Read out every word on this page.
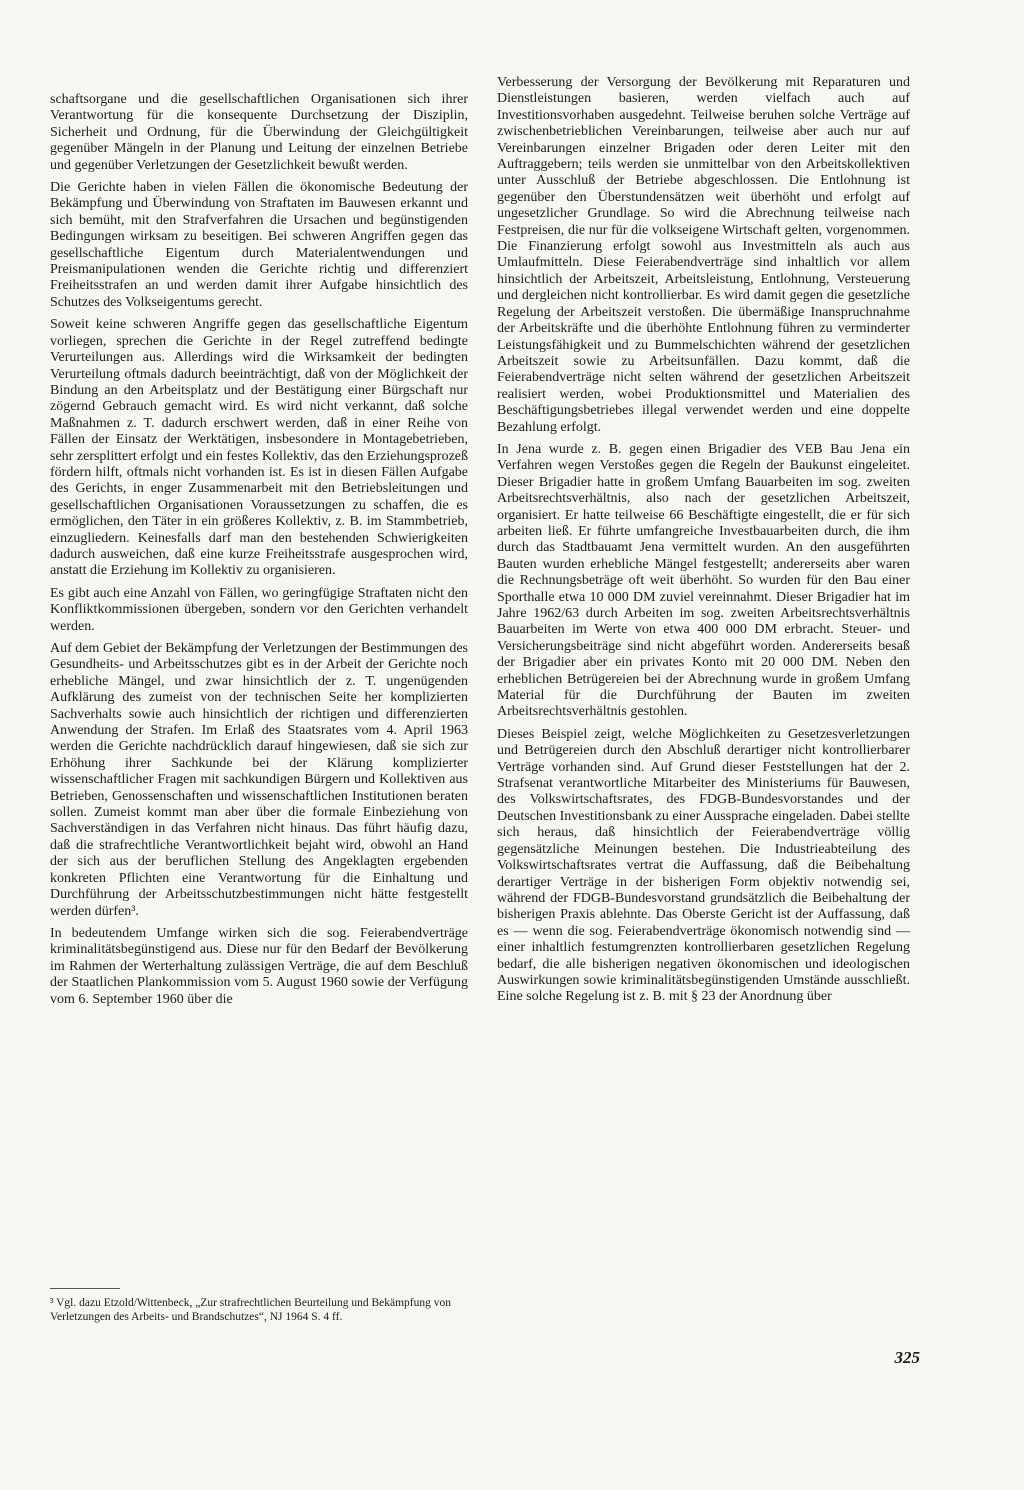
schaftsorgane und die gesellschaftlichen Organisationen sich ihrer Verantwortung für die konsequente Durchsetzung der Disziplin, Sicherheit und Ordnung, für die Überwindung der Gleichgültigkeit gegenüber Mängeln in der Planung und Leitung der einzelnen Betriebe und gegenüber Verletzungen der Gesetzlichkeit bewußt werden.

Die Gerichte haben in vielen Fällen die ökonomische Bedeutung der Bekämpfung und Überwindung von Straftaten im Bauwesen erkannt und sich bemüht, mit den Strafverfahren die Ursachen und begünstigenden Bedingungen wirksam zu beseitigen. Bei schweren Angriffen gegen das gesellschaftliche Eigentum durch Materialentwendungen und Preismanipulationen wenden die Gerichte richtig und differenziert Freiheitsstrafen an und werden damit ihrer Aufgabe hinsichtlich des Schutzes des Volkseigentums gerecht.

Soweit keine schweren Angriffe gegen das gesellschaftliche Eigentum vorliegen, sprechen die Gerichte in der Regel zutreffend bedingte Verurteilungen aus. Allerdings wird die Wirksamkeit der bedingten Verurteilung oftmals dadurch beeinträchtigt, daß von der Möglichkeit der Bindung an den Arbeitsplatz und der Bestätigung einer Bürgschaft nur zögernd Gebrauch gemacht wird. Es wird nicht verkannt, daß solche Maßnahmen z. T. dadurch erschwert werden, daß in einer Reihe von Fällen der Einsatz der Werktätigen, insbesondere in Montagebetrieben, sehr zersplittert erfolgt und ein festes Kollektiv, das den Erziehungsprozeß fördern hilft, oftmals nicht vorhanden ist. Es ist in diesen Fällen Aufgabe des Gerichts, in enger Zusammenarbeit mit den Betriebsleitungen und gesellschaftlichen Organisationen Voraussetzungen zu schaffen, die es ermöglichen, den Täter in ein größeres Kollektiv, z. B. im Stammbetrieb, einzugliedern. Keinesfalls darf man den bestehenden Schwierigkeiten dadurch ausweichen, daß eine kurze Freiheitsstrafe ausgesprochen wird, anstatt die Erziehung im Kollektiv zu organisieren.

Es gibt auch eine Anzahl von Fällen, wo geringfügige Straftaten nicht den Konfliktkommissionen übergeben, sondern vor den Gerichten verhandelt werden.

Auf dem Gebiet der Bekämpfung der Verletzungen der Bestimmungen des Gesundheits- und Arbeitsschutzes gibt es in der Arbeit der Gerichte noch erhebliche Mängel, und zwar hinsichtlich der z. T. ungenügenden Aufklärung des zumeist von der technischen Seite her komplizierten Sachverhalts sowie auch hinsichtlich der richtigen und differenzierten Anwendung der Strafen. Im Erlaß des Staatsrates vom 4. April 1963 werden die Gerichte nachdrücklich darauf hingewiesen, daß sie sich zur Erhöhung ihrer Sachkunde bei der Klärung komplizierter wissenschaftlicher Fragen mit sachkundigen Bürgern und Kollektiven aus Betrieben, Genossenschaften und wissenschaftlichen Institutionen beraten sollen. Zumeist kommt man aber über die formale Einbeziehung von Sachverständigen in das Verfahren nicht hinaus. Das führt häufig dazu, daß die strafrechtliche Verantwortlichkeit bejaht wird, obwohl an Hand der sich aus der beruflichen Stellung des Angeklagten ergebenden konkreten Pflichten eine Verantwortung für die Einhaltung und Durchführung der Arbeitsschutzbestimmungen nicht hätte festgestellt werden dürfen³.

In bedeutendem Umfange wirken sich die sog. Feierabendverträge kriminalitätsbegünstigend aus. Diese nur für den Bedarf der Bevölkerung im Rahmen der Werterhaltung zulässigen Verträge, die auf dem Beschluß der Staatlichen Plankommission vom 5. August 1960 sowie der Verfügung vom 6. September 1960 über die

Verbesserung der Versorgung der Bevölkerung mit Reparaturen und Dienstleistungen basieren, werden vielfach auch auf Investitionsvorhaben ausgedehnt. Teilweise beruhen solche Verträge auf zwischenbetrieblichen Vereinbarungen, teilweise aber auch nur auf Vereinbarungen einzelner Brigaden oder deren Leiter mit den Auftraggebern; teils werden sie unmittelbar von den Arbeitskollektiven unter Ausschluß der Betriebe abgeschlossen. Die Entlohnung ist gegenüber den Überstundensätzen weit überhöht und erfolgt auf ungesetzlicher Grundlage. So wird die Abrechnung teilweise nach Festpreisen, die nur für die volkseigene Wirtschaft gelten, vorgenommen. Die Finanzierung erfolgt sowohl aus Investmitteln als auch aus Umlaufmitteln. Diese Feierabendverträge sind inhaltlich vor allem hinsichtlich der Arbeitszeit, Arbeitsleistung, Entlohnung, Versteuerung und dergleichen nicht kontrollierbar. Es wird damit gegen die gesetzliche Regelung der Arbeitszeit verstoßen. Die übermäßige Inanspruchnahme der Arbeitskräfte und die überhöhte Entlohnung führen zu verminderter Leistungsfähigkeit und zu Bummelschichten während der gesetzlichen Arbeitszeit sowie zu Arbeitsunfällen. Dazu kommt, daß die Feierabendverträge nicht selten während der gesetzlichen Arbeitszeit realisiert werden, wobei Produktionsmittel und Materialien des Beschäftigungsbetriebes illegal verwendet werden und eine doppelte Bezahlung erfolgt.

In Jena wurde z. B. gegen einen Brigadier des VEB Bau Jena ein Verfahren wegen Verstoßes gegen die Regeln der Baukunst eingeleitet. Dieser Brigadier hatte in großem Umfang Bauarbeiten im sog. zweiten Arbeitsrechtsverhältnis, also nach der gesetzlichen Arbeitszeit, organisiert. Er hatte teilweise 66 Beschäftigte eingestellt, die er für sich arbeiten ließ. Er führte umfangreiche Investbauarbeiten durch, die ihm durch das Stadtbauamt Jena vermittelt wurden. An den ausgeführten Bauten wurden erhebliche Mängel festgestellt; andererseits aber waren die Rechnungsbeträge oft weit überhöht. So wurden für den Bau einer Sporthalle etwa 10 000 DM zuviel vereinnahmt. Dieser Brigadier hat im Jahre 1962/63 durch Arbeiten im sog. zweiten Arbeitsrechtsverhältnis Bauarbeiten im Werte von etwa 400 000 DM erbracht. Steuer- und Versicherungsbeiträge sind nicht abgeführt worden. Andererseits besaß der Brigadier aber ein privates Konto mit 20 000 DM. Neben den erheblichen Betrügereien bei der Abrechnung wurde in großem Umfang Material für die Durchführung der Bauten im zweiten Arbeitsrechtsverhältnis gestohlen.

Dieses Beispiel zeigt, welche Möglichkeiten zu Gesetzesverletzungen und Betrügereien durch den Abschluß derartiger nicht kontrollierbarer Verträge vorhanden sind. Auf Grund dieser Feststellungen hat der 2. Strafsenat verantwortliche Mitarbeiter des Ministeriums für Bauwesen, des Volkswirtschaftsrates, des FDGB-Bundesvorstandes und der Deutschen Investitionsbank zu einer Aussprache eingeladen. Dabei stellte sich heraus, daß hinsichtlich der Feierabendverträge völlig gegensätzliche Meinungen bestehen. Die Industrieabteilung des Volkswirtschaftsrates vertrat die Auffassung, daß die Beibehaltung derartiger Verträge in der bisherigen Form objektiv notwendig sei, während der FDGB-Bundesvorstand grundsätzlich die Beibehaltung der bisherigen Praxis ablehnte. Das Oberste Gericht ist der Auffassung, daß es — wenn die sog. Feierabendverträge ökonomisch notwendig sind — einer inhaltlich festumgrenzten kontrollierbaren gesetzlichen Regelung bedarf, die alle bisherigen negativen ökonomischen und ideologischen Auswirkungen sowie kriminalitätsbegünstigenden Umstände ausschließt. Eine solche Regelung ist z. B. mit § 23 der Anordnung über

³ Vgl. dazu Etzold/Wittenbeck, „Zur strafrechtlichen Beurteilung und Bekämpfung von Verletzungen des Arbeits- und Brandschutzes“, NJ 1964 S. 4 ff.
325
